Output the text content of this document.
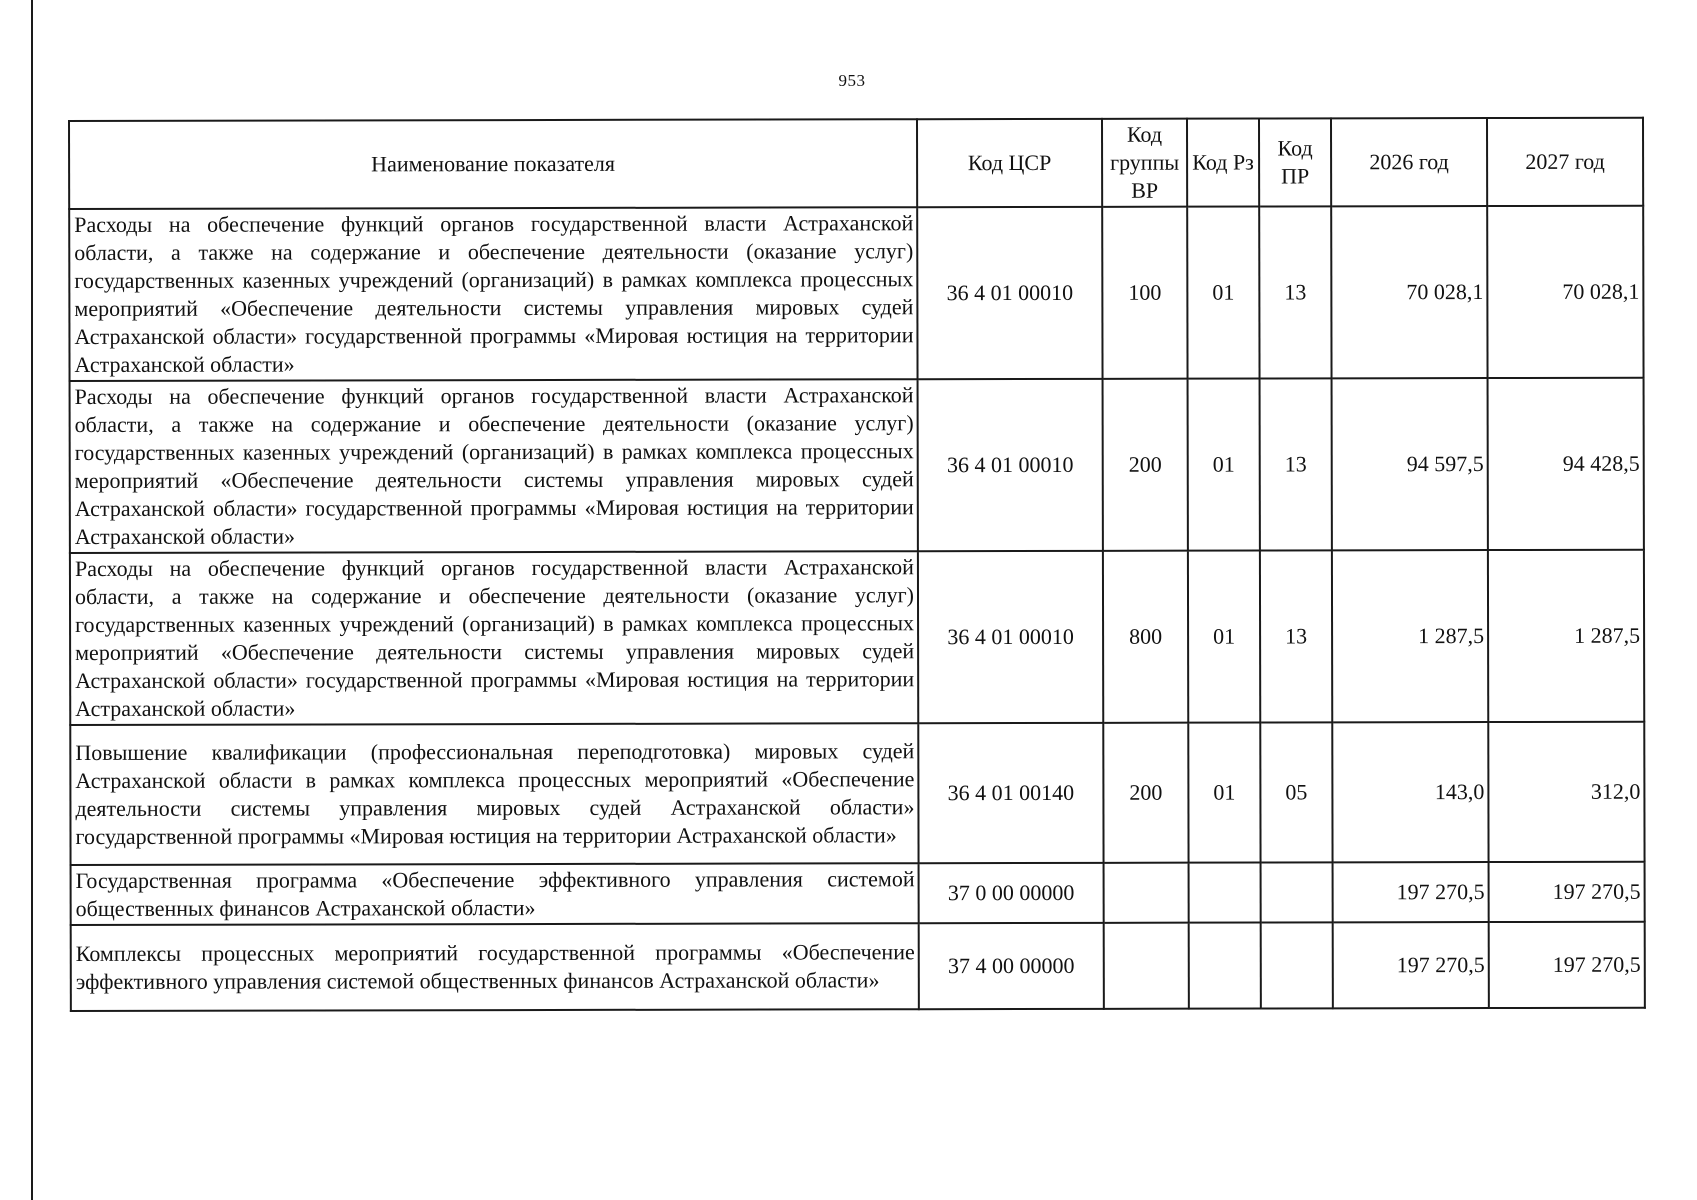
953
Наименование показателя	Код ЦСР	Код группы ВР	Код Рз	Код ПР	2026 год	2027 год
Расходы на обеспечение функций органов государственной власти Астраханской области, а также на содержание и обеспечение деятельности (оказание услуг) государственных казенных учреждений (организаций) в рамках комплекса процессных мероприятий «Обеспечение деятельности системы управления мировых судей Астраханской области» государственной программы «Мировая юстиция на территории Астраханской области»	36 4 01 00010	100	01	13	70 028,1	70 028,1
Расходы на обеспечение функций органов государственной власти Астраханской области, а также на содержание и обеспечение деятельности (оказание услуг) государственных казенных учреждений (организаций) в рамках комплекса процессных мероприятий «Обеспечение деятельности системы управления мировых судей Астраханской области» государственной программы «Мировая юстиция на территории Астраханской области»	36 4 01 00010	200	01	13	94 597,5	94 428,5
Расходы на обеспечение функций органов государственной власти Астраханской области, а также на содержание и обеспечение деятельности (оказание услуг) государственных казенных учреждений (организаций) в рамках комплекса процессных мероприятий «Обеспечение деятельности системы управления мировых судей Астраханской области» государственной программы «Мировая юстиция на территории Астраханской области»	36 4 01 00010	800	01	13	1 287,5	1 287,5
Повышение квалификации (профессиональная переподготовка) мировых судей Астраханской области в рамках комплекса процессных мероприятий «Обеспечение деятельности системы управления мировых судей Астраханской области» государственной программы «Мировая юстиция на территории Астраханской области»	36 4 01 00140	200	01	05	143,0	312,0
Государственная программа «Обеспечение эффективного управления системой общественных финансов Астраханской области»	37 0 00 00000				197 270,5	197 270,5
Комплексы процессных мероприятий государственной программы «Обеспечение эффективного управления системой общественных финансов Астраханской области»	37 4 00 00000				197 270,5	197 270,5
